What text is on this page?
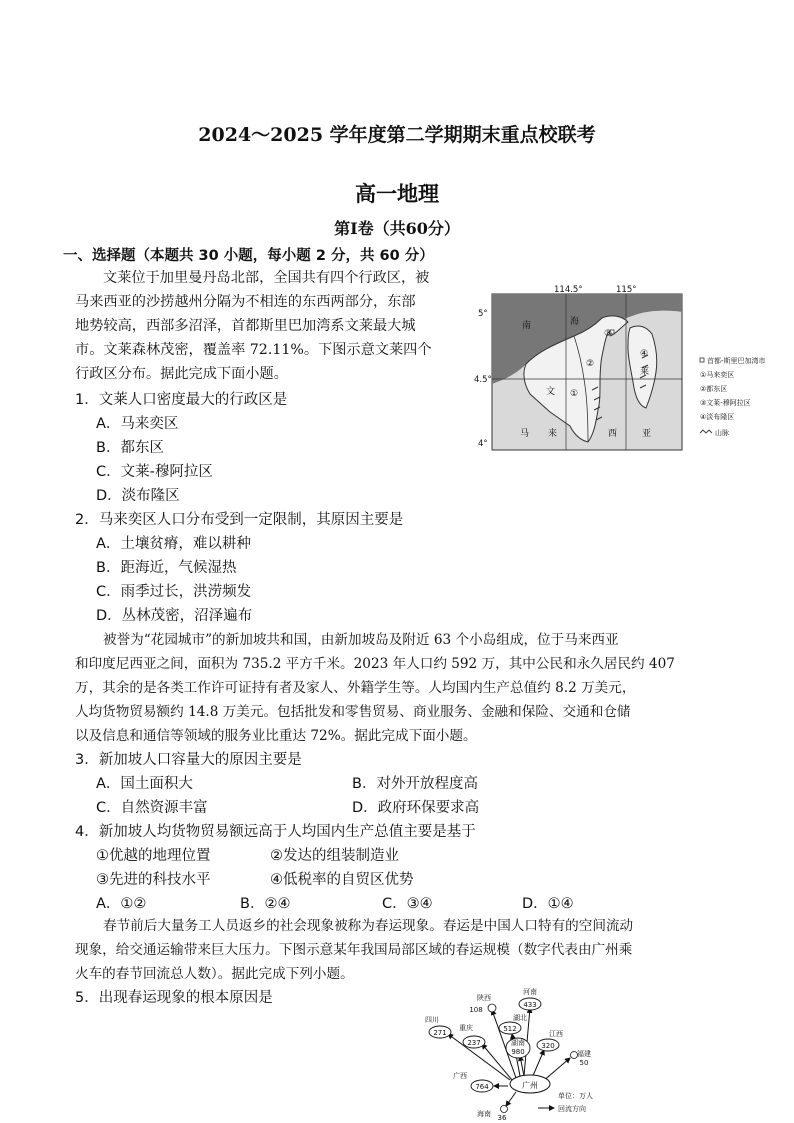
2024～2025 学年度第二学期期末重点校联考
高一地理
第Ⅰ卷（共60分）
一、选择题（本题共 30 小题，每小题 2 分，共 60 分）
文莱位于加里曼丹岛北部，全国共有四个行政区，被
马来西亚的沙捞越州分隔为不相连的东西两部分，东部
地势较高，西部多沼泽，首都斯里巴加湾系文莱最大城
市。文莱森林茂密，覆盖率 72.11%。下图示意文莱四个
行政区分布。据此完成下面小题。
114.5°	115°
5°
4.5°
4°
南	海
文
莱
马 来	西	亚
①
②
③
④
首都-斯里巴加湾市
①马来奕区
②都东区
③文莱-穆阿拉区
④淡布隆区
山脉
1．文莱人口密度最大的行政区是
A．马来奕区
B．都东区
C．文莱-穆阿拉区
D．淡布隆区
2．马来奕区人口分布受到一定限制，其原因主要是
A．土壤贫瘠，难以耕种
B．距海近，气候湿热
C．雨季过长，洪涝频发
D．丛林茂密，沼泽遍布
被誉为“花园城市”的新加坡共和国，由新加坡岛及附近 63 个小岛组成，位于马来西亚
和印度尼西亚之间，面积为 735.2 平方千米。2023 年人口约 592 万，其中公民和永久居民约 407
万，其余的是各类工作许可证持有者及家人、外籍学生等。人均国内生产总值约 8.2 万美元，
人均货物贸易额约 14.8 万美元。包括批发和零售贸易、商业服务、金融和保险、交通和仓储
以及信息和通信等领域的服务业比重达 72%。据此完成下面小题。
3．新加坡人口容量大的原因主要是
A．国土面积大	B．对外开放程度高
C．自然资源丰富	D．政府环保要求高
4．新加坡人均货物贸易额远高于人均国内生产总值主要是基于
①优越的地理位置	②发达的组装制造业
③先进的科技水平	④低税率的自贸区优势
A．①②	B．②④	C．③④	D．①④
春节前后大量务工人员返乡的社会现象被称为春运现象。春运是中国人口特有的空间流动
现象，给交通运输带来巨大压力。下图示意某年我国局部区域的春运规模（数字代表由广州乘
火车的春节回流总人数）。据此完成下列小题。
5．出现春运现象的根本原因是
广州
陕西
108
河南
433
四川
271
重庆
237
湖北
512
湖南
980
江西
320
福建
50
广西
764
海南 36
单位：万人
回流方向
